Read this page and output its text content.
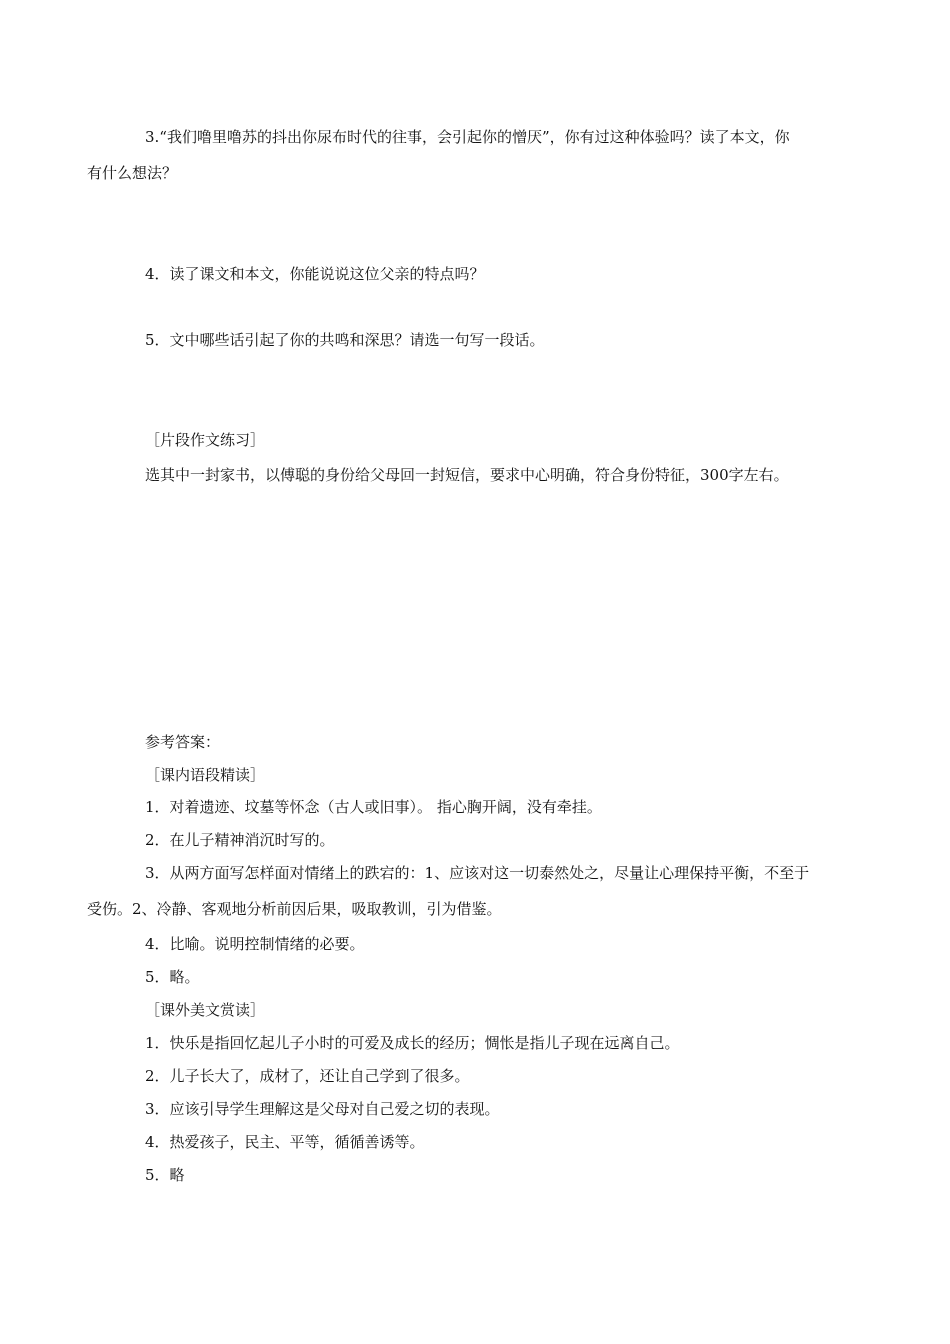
3.“我们噜里噜苏的抖出你尿布时代的往事，会引起你的憎厌”，你有过这种体验吗？读了本文，你
有什么想法？
4．读了课文和本文，你能说说这位父亲的特点吗？
5．文中哪些话引起了你的共鸣和深思？请选一句写一段话。
［片段作文练习］
选其中一封家书，以傅聪的身份给父母回一封短信，要求中心明确，符合身份特征，300字左右。
参考答案：
［课内语段精读］
1．对着遗迹、坟墓等怀念（古人或旧事）。 指心胸开阔，没有牵挂。
2．在儿子精神消沉时写的。
3．从两方面写怎样面对情绪上的跌宕的：1、应该对这一切泰然处之，尽量让心理保持平衡，不至于
受伤。2、冷静、客观地分析前因后果，吸取教训，引为借鉴。
4．比喻。说明控制情绪的必要。
5．略。
［课外美文赏读］
1．快乐是指回忆起儿子小时的可爱及成长的经历；惆怅是指儿子现在远离自己。
2．儿子长大了，成材了，还让自己学到了很多。
3．应该引导学生理解这是父母对自己爱之切的表现。
4．热爱孩子，民主、平等，循循善诱等。
5．略
